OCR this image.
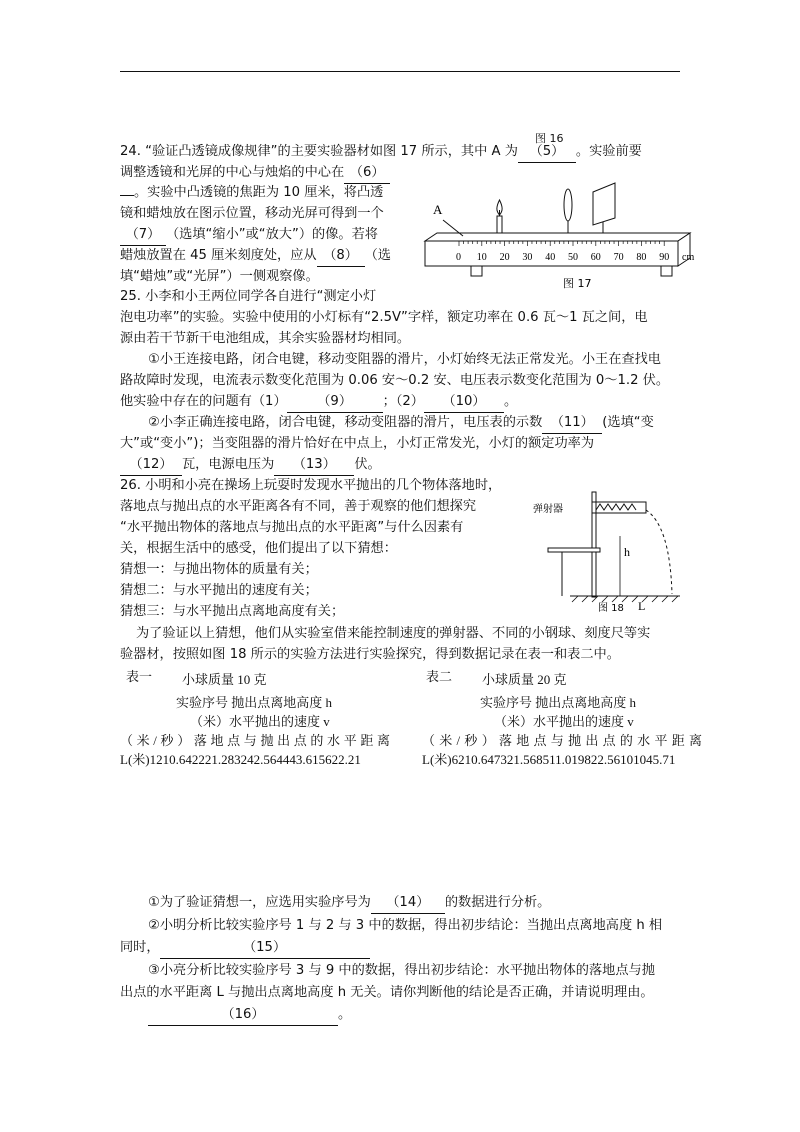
图 16
24. “验证凸透镜成像规律”的主要实验器材如图 17 所示，其中 A 为 （5） 。实验前要
调整透镜和光屏的中心与烛焰的中心在 （6）
。实验中凸透镜的焦距为 10 厘米，将凸透
镜和蜡烛放在图示位置，移动光屏可得到一个
（7） （选填“缩小”或“放大”）的像。若将
蜡烛放置在 45 厘米刻度处，应从 （8） （选
填“蜡烛”或“光屏”）一侧观察像。
0 10 20 30 40 50 60 70 80 90 cm
A
图 17
25. 小李和小王两位同学各自进行“测定小灯
泡电功率”的实验。实验中使用的小灯标有“2.5V”字样，额定功率在 0.6 瓦～1 瓦之间，电
源由若干节新干电池组成，其余实验器材均相同。
①小王连接电路，闭合电键，移动变阻器的滑片，小灯始终无法正常发光。小王在查找电
路故障时发现，电流表示数变化范围为 0.06 安～0.2 安、电压表示数变化范围为 0～1.2 伏。
他实验中存在的问题有（1） （9） ；（2） （10） 。
②小李正确连接电路，闭合电键，移动变阻器的滑片，电压表的示数 （11） (选填“变
大”或“变小”)；当变阻器的滑片恰好在中点上，小灯正常发光，小灯的额定功率为
（12） 瓦，电源电压为 （13） 伏。
26. 小明和小亮在操场上玩耍时发现水平抛出的几个物体落地时，
落地点与抛出点的水平距离各有不同，善于观察的他们想探究
“水平抛出物体的落地点与抛出点的水平距离”与什么因素有
关，根据生活中的感受，他们提出了以下猜想：
猜想一：与抛出物体的质量有关；
猜想二：与水平抛出的速度有关；
猜想三：与水平抛出点离地高度有关；
为了验证以上猜想，他们从实验室借来能控制速度的弹射器、不同的小钢球、刻度尺等实
验器材，按照如图 18 所示的实验方法进行实验探究，得到数据记录在表一和表二中。
弹射器
h
L
图 18
表一 小球质量 10 克
实验序号 抛出点离地高度 h
（米）水平抛出的速度 v
（米/秒）落地点与抛出点的水平距离
L(米)1210.642221.283242.564443.615622.21
表二 小球质量 20 克
实验序号 抛出点离地高度 h
（米）水平抛出的速度 v
（米/秒）落地点与抛出点的水平距离
L(米)6210.647321.568511.019822.56101045.71
①为了验证猜想一，应选用实验序号为 （14） 的数据进行分析。
②小明分析比较实验序号 1 与 2 与 3 中的数据，得出初步结论：当抛出点离地高度 h 相
同时，	（15）
③小亮分析比较实验序号 3 与 9 中的数据，得出初步结论：水平抛出物体的落地点与抛
出点的水平距离 L 与抛出点离地高度 h 无关。请你判断他的结论是否正确，并请说明理由。
（16）	。
